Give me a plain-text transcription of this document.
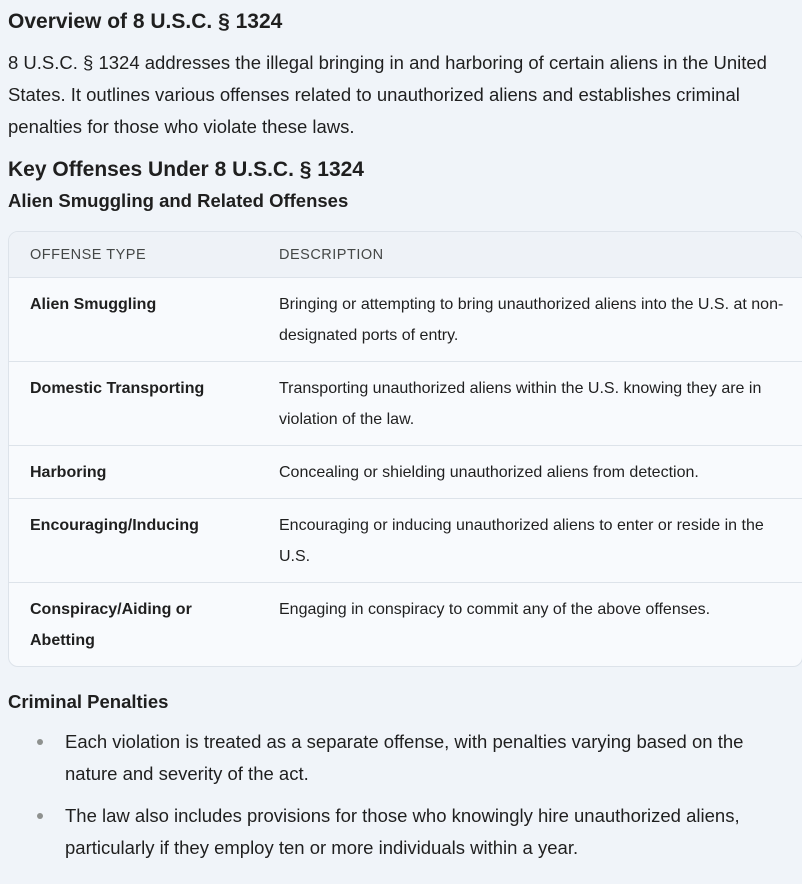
Overview of 8 U.S.C. § 1324

8 U.S.C. § 1324 addresses the illegal bringing in and harboring of certain aliens in the United States. It outlines various offenses related to unauthorized aliens and establishes criminal penalties for those who violate these laws.

Key Offenses Under 8 U.S.C. § 1324
Alien Smuggling and Related Offenses
OFFENSE TYPE	DESCRIPTION
Alien Smuggling	Bringing or attempting to bring unauthorized aliens into the U.S. at non-designated ports of entry.
Domestic Transporting	Transporting unauthorized aliens within the U.S. knowing they are in violation of the law.
Harboring	Concealing or shielding unauthorized aliens from detection.
Encouraging/Inducing	Encouraging or inducing unauthorized aliens to enter or reside in the U.S.
Conspiracy/Aiding or Abetting	Engaging in conspiracy to commit any of the above offenses.
Criminal Penalties
Each violation is treated as a separate offense, with penalties varying based on the nature and severity of the act.
The law also includes provisions for those who knowingly hire unauthorized aliens, particularly if they employ ten or more individuals within a year.
